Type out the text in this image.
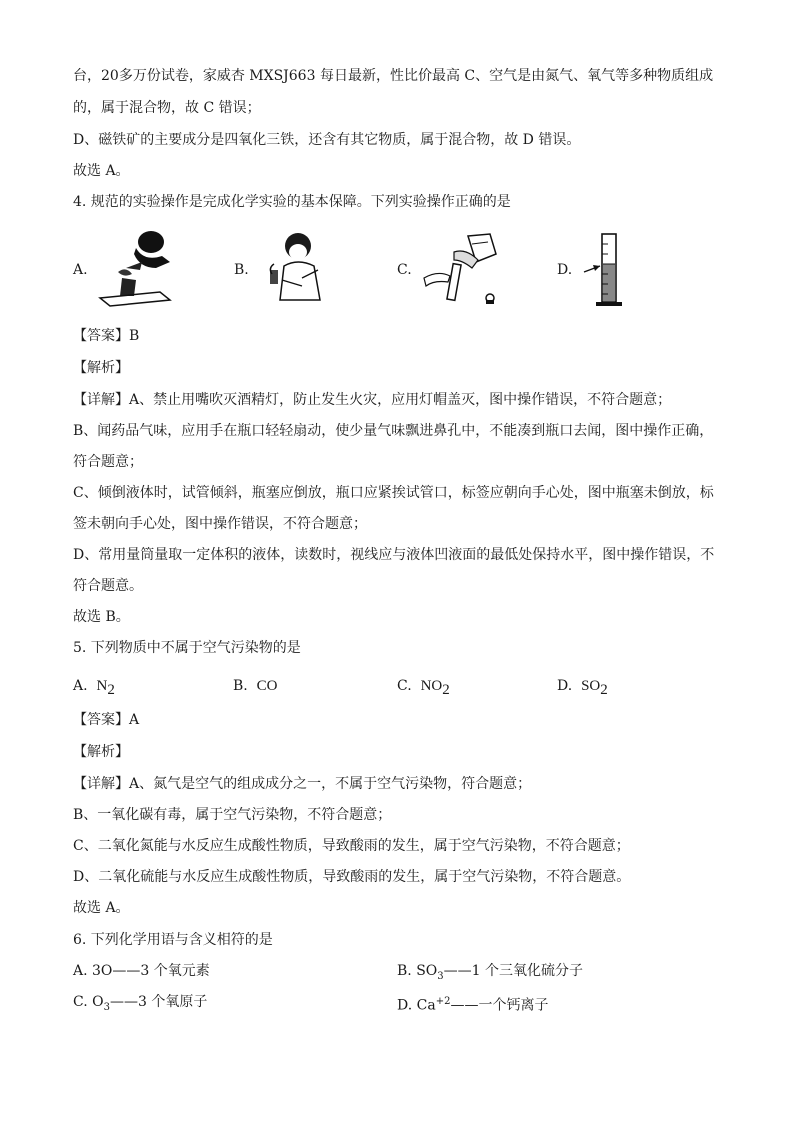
台，20多万份试卷，家威杏 MXSJ663 每日最新，性比价最高 C、空气是由氮气、氧气等多种物质组成
的，属于混合物，故 C 错误；
D、磁铁矿的主要成分是四氧化三铁，还含有其它物质，属于混合物，故 D 错误。
故选 A。
4. 规范的实验操作是完成化学实验的基本保障。下列实验操作正确的是
A.	B.	C.	D.
【答案】B
【解析】
【详解】A、禁止用嘴吹灭酒精灯，防止发生火灾，应用灯帽盖灭，图中操作错误，不符合题意；
B、闻药品气味，应用手在瓶口轻轻扇动，使少量气味飘进鼻孔中，不能凑到瓶口去闻，图中操作正确，
符合题意；
C、倾倒液体时，试管倾斜，瓶塞应倒放，瓶口应紧挨试管口，标签应朝向手心处，图中瓶塞未倒放，标
签未朝向手心处，图中操作错误，不符合题意；
D、常用量筒量取一定体积的液体，读数时，视线应与液体凹液面的最低处保持水平，图中操作错误，不
符合题意。
故选 B。
5. 下列物质中不属于空气污染物的是
A. $N_2$	B. CO	C. $NO_2$	D. $SO_2$
【答案】A
【解析】
【详解】A、氮气是空气的组成成分之一，不属于空气污染物，符合题意；
B、一氧化碳有毒，属于空气污染物，不符合题意；
C、二氧化氮能与水反应生成酸性物质，导致酸雨的发生，属于空气污染物，不符合题意；
D、二氧化硫能与水反应生成酸性物质，导致酸雨的发生，属于空气污染物，不符合题意。
故选 A。
6. 下列化学用语与含义相符的是
A. 3O——3 个氧元素	B. $SO_3——1$ 个三氧化硫分子
C. $O_3——3$ 个氧原子	D. $Ca^{+2}——$一个钙离子
